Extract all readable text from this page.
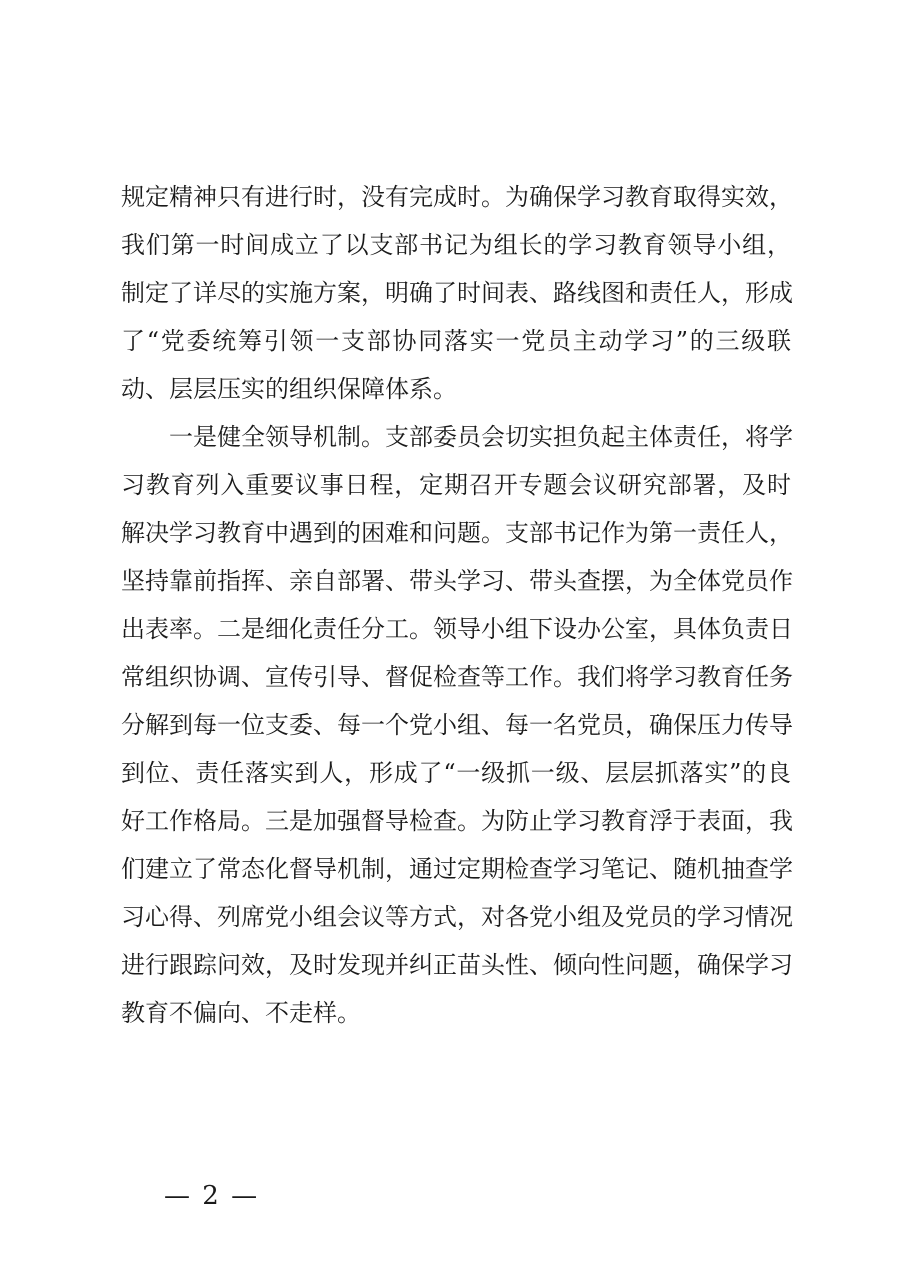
规定精神只有进行时，没有完成时。为确保学习教育取得实效，
我们第一时间成立了以支部书记为组长的学习教育领导小组，
制定了详尽的实施方案，明确了时间表、路线图和责任人，形成
了“党委统筹引领一支部协同落实一党员主动学习”的三级联
动、层层压实的组织保障体系。
一是健全领导机制。支部委员会切实担负起主体责任，将学
习教育列入重要议事日程，定期召开专题会议研究部署，及时
解决学习教育中遇到的困难和问题。支部书记作为第一责任人，
坚持靠前指挥、亲自部署、带头学习、带头查摆，为全体党员作
出表率。二是细化责任分工。领导小组下设办公室，具体负责日
常组织协调、宣传引导、督促检查等工作。我们将学习教育任务
分解到每一位支委、每一个党小组、每一名党员，确保压力传导
到位、责任落实到人，形成了“一级抓一级、层层抓落实”的良
好工作格局。三是加强督导检查。为防止学习教育浮于表面，我
们建立了常态化督导机制，通过定期检查学习笔记、随机抽查学
习心得、列席党小组会议等方式，对各党小组及党员的学习情况
进行跟踪问效，及时发现并纠正苗头性、倾向性问题，确保学习
教育不偏向、不走样。
— 2 —
